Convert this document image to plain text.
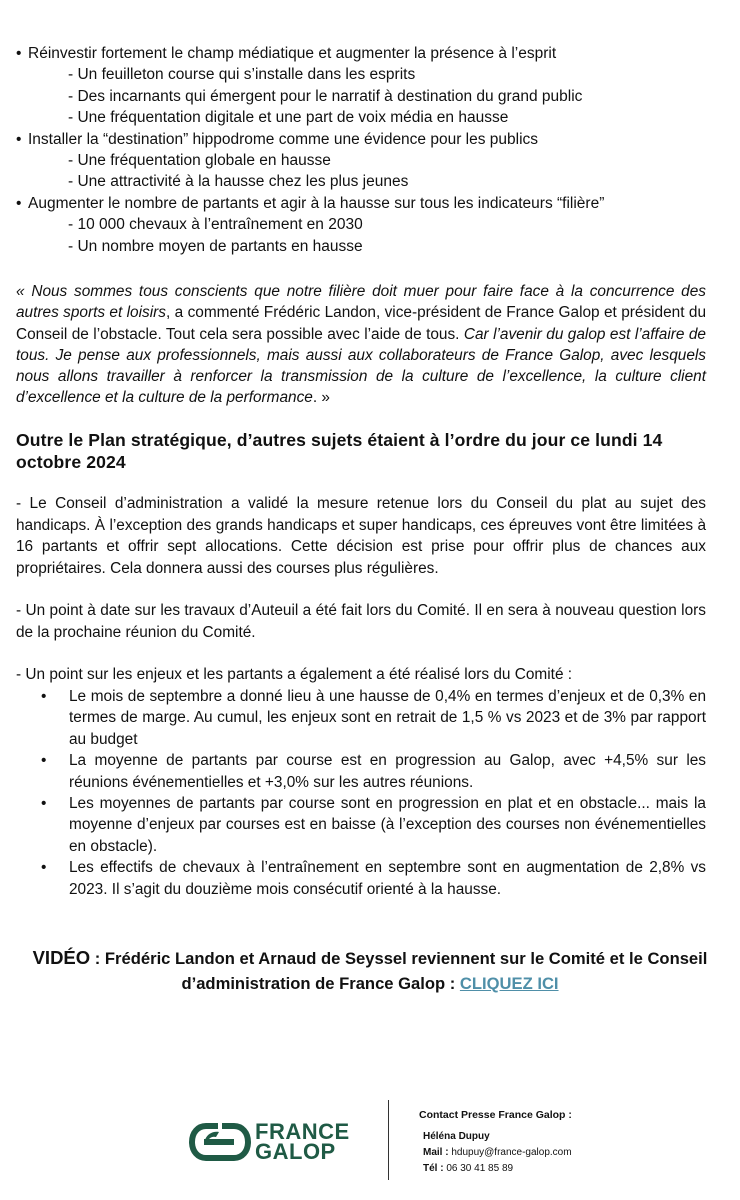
• Réinvestir fortement le champ médiatique et augmenter la présence à l’esprit
- Un feuilleton course qui s’installe dans les esprits
- Des incarnants qui émergent pour le narratif à destination du grand public
- Une fréquentation digitale et une part de voix média en hausse
• Installer la “destination” hippodrome comme une évidence pour les publics
- Une fréquentation globale en hausse
- Une attractivité à la hausse chez les plus jeunes
• Augmenter le nombre de partants et agir à la hausse sur tous les indicateurs “filière”
- 10 000 chevaux à l’entraînement en 2030
- Un nombre moyen de partants en hausse
« Nous sommes tous conscients que notre filière doit muer pour faire face à la concurrence des autres sports et loisirs, a commenté Frédéric Landon, vice-président de France Galop et président du Conseil de l’obstacle. Tout cela sera possible avec l’aide de tous. Car l’avenir du galop est l’affaire de tous. Je pense aux professionnels, mais aussi aux collaborateurs de France Galop, avec lesquels nous allons travailler à renforcer la transmission de la culture de l’excellence, la culture client d’excellence et la culture de la performance. »
Outre le Plan stratégique, d’autres sujets étaient à l’ordre du jour ce lundi 14 octobre 2024
- Le Conseil d’administration a validé la mesure retenue lors du Conseil du plat au sujet des handicaps. À l’exception des grands handicaps et super handicaps, ces épreuves vont être limitées à 16 partants et offrir sept allocations. Cette décision est prise pour offrir plus de chances aux propriétaires. Cela donnera aussi des courses plus régulières.
- Un point à date sur les travaux d’Auteuil a été fait lors du Comité. Il en sera à nouveau question lors de la prochaine réunion du Comité.
- Un point sur les enjeux et les partants a également a été réalisé lors du Comité :
•	Le mois de septembre a donné lieu à une hausse de 0,4% en termes d’enjeux et de 0,3% en termes de marge. Au cumul, les enjeux sont en retrait de 1,5 % vs 2023 et de 3% par rapport au budget
•	La moyenne de partants par course est en progression au Galop, avec +4,5% sur les réunions événementielles et +3,0% sur les autres réunions.
•	Les moyennes de partants par course sont en progression en plat et en obstacle... mais la moyenne d’enjeux par courses est en baisse (à l’exception des courses non événementielles en obstacle).
•	Les effectifs de chevaux à l’entraînement en septembre sont en augmentation de 2,8% vs 2023. Il s’agit du douzième mois consécutif orienté à la hausse.
VIDÉO : Frédéric Landon et Arnaud de Seyssel reviennent sur le Comité et le Conseil d’administration de France Galop : CLIQUEZ ICI
FRANCE
GALOP
Contact Presse France Galop :
Héléna Dupuy
Mail : hdupuy@france-galop.com
Tél : 06 30 41 85 89
